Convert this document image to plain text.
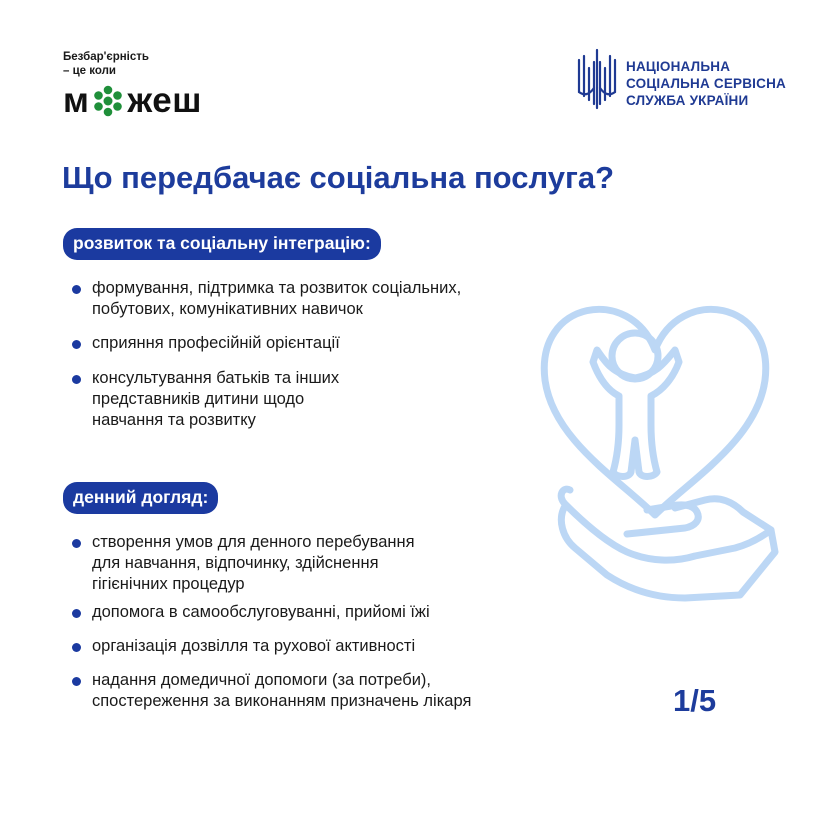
Безбар'єрність
– це коли
м жеш
НАЦІОНАЛЬНА
СОЦІАЛЬНА СЕРВІСНА
СЛУЖБА УКРАЇНИ
Що передбачає соціальна послуга?
розвиток та соціальну інтеграцію:
формування, підтримка та розвиток соціальних,
побутових, комунікативних навичок
сприяння професійній орієнтації
консультування батьків та інших
представників дитини щодо
навчання та розвитку
денний догляд:
створення умов для денного перебування
для навчання, відпочинку, здійснення
гігієнічних процедур
допомога в самообслуговуванні, прийомі їжі
організація дозвілля та рухової активності
надання домедичної допомоги (за потреби),
спостереження за виконанням призначень лікаря	1/5
